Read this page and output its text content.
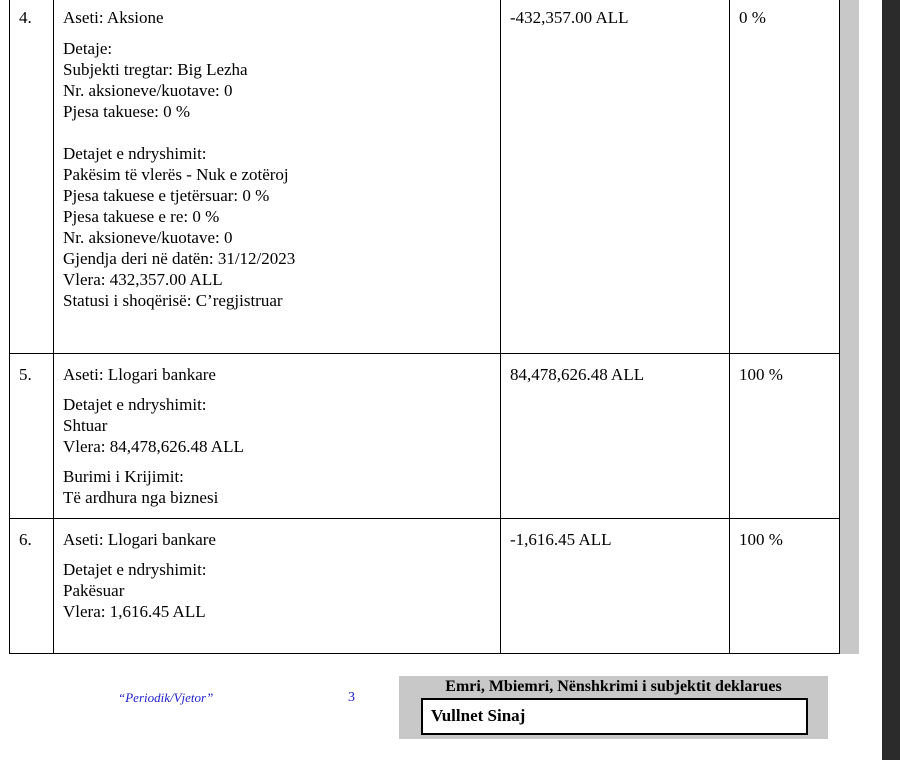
4. Aseti: Aksione
Detaje:
Subjekti tregtar: Big Lezha
Nr. aksioneve/kuotave: 0
Pjesa takuese: 0 %
Detajet e ndryshimit:
Pakësim të vlerës - Nuk e zotëroj
Pjesa takuese e tjetërsuar: 0 %
Pjesa takuese e re: 0 %
Nr. aksioneve/kuotave: 0
Gjendja deri në datën: 31/12/2023
Vlera: 432,357.00 ALL
Statusi i shoqërisë: C’regjistruar
-432,357.00 ALL	0 %
5. Aseti: Llogari bankare
Detajet e ndryshimit:
Shtuar
Vlera: 84,478,626.48 ALL
Burimi i Krijimit:
Të ardhura nga biznesi
84,478,626.48 ALL	100 %
6. Aseti: Llogari bankare
Detajet e ndryshimit:
Pakësuar
Vlera: 1,616.45 ALL
-1,616.45 ALL	100 %
“Periodik/Vjetor”	3
Emri, Mbiemri, Nënshkrimi i subjektit deklarues
Vullnet Sinaj
